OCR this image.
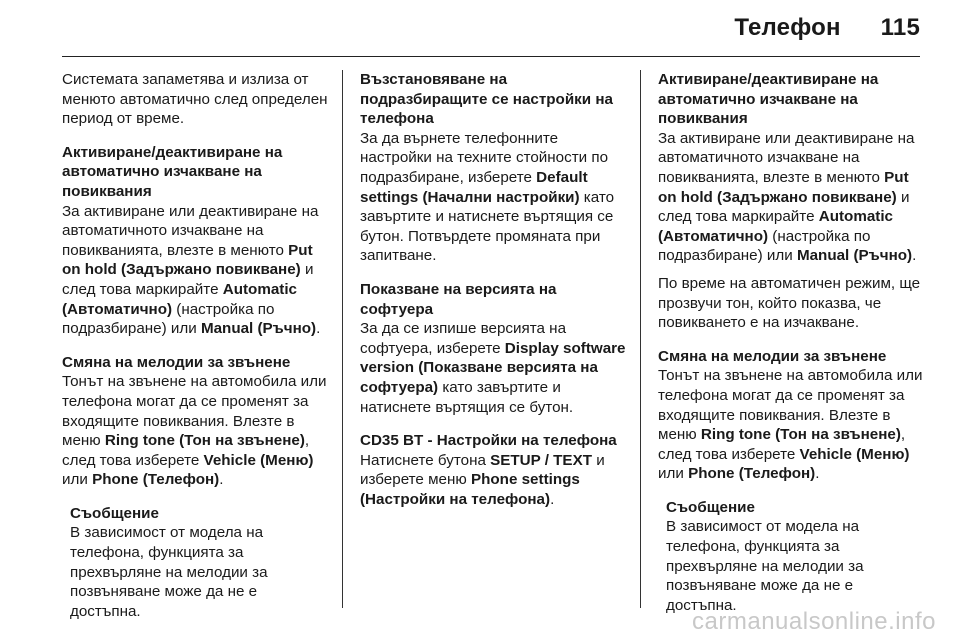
Телефон 115

Системата запаметява и излиза от менюто автоматично след определен период от време.

Активиране/деактивиране на автоматично изчакване на повиквания

За активиране или деактивиране на автоматичното изчакване на повикванията, влезте в менюто Put on hold (Задържано повикване) и след това маркирайте Automatic (Автоматично) (настройка по подразбиране) или Manual (Ръчно).

Смяна на мелодии за звънене

Тонът на звънене на автомобила или телефона могат да се променят за входящите повиквания. Влезте в меню Ring tone (Тон на звънене), след това изберете Vehicle (Меню) или Phone (Телефон).

Съобщение

В зависимост от модела на телефона, функцията за прехвърляне на мелодии за позвъняване може да не е достъпна.

Възстановяване на подразбиращите се настройки на телефона

За да върнете телефонните настройки на техните стойности по подразбиране, изберете Default settings (Начални настройки) като завъртите и натиснете въртящия се бутон. Потвърдете промяната при запитване.

Показване на версията на софтуера

За да се изпише версията на софтуера, изберете Display software version (Показване версията на софтуера) като завъртите и натиснете въртящия се бутон.

CD35 BT - Настройки на телефона

Натиснете бутона SETUP / TEXT и изберете меню Phone settings (Настройки на телефона).

Активиране/деактивиране на автоматично изчакване на повиквания

За активиране или деактивиране на автоматичното изчакване на повикванията, влезте в менюто Put on hold (Задържано повикване) и след това маркирайте Automatic (Автоматично) (настройка по подразбиране) или Manual (Ръчно).

По време на автоматичен режим, ще прозвучи тон, който показва, че повикването е на изчакване.

Смяна на мелодии за звънене

Тонът на звънене на автомобила или телефона могат да се променят за входящите повиквания. Влезте в меню Ring tone (Тон на звънене), след това изберете Vehicle (Меню) или Phone (Телефон).

Съобщение

В зависимост от модела на телефона, функцията за прехвърляне на мелодии за позвъняване може да не е достъпна.

carmanualsonline.info
